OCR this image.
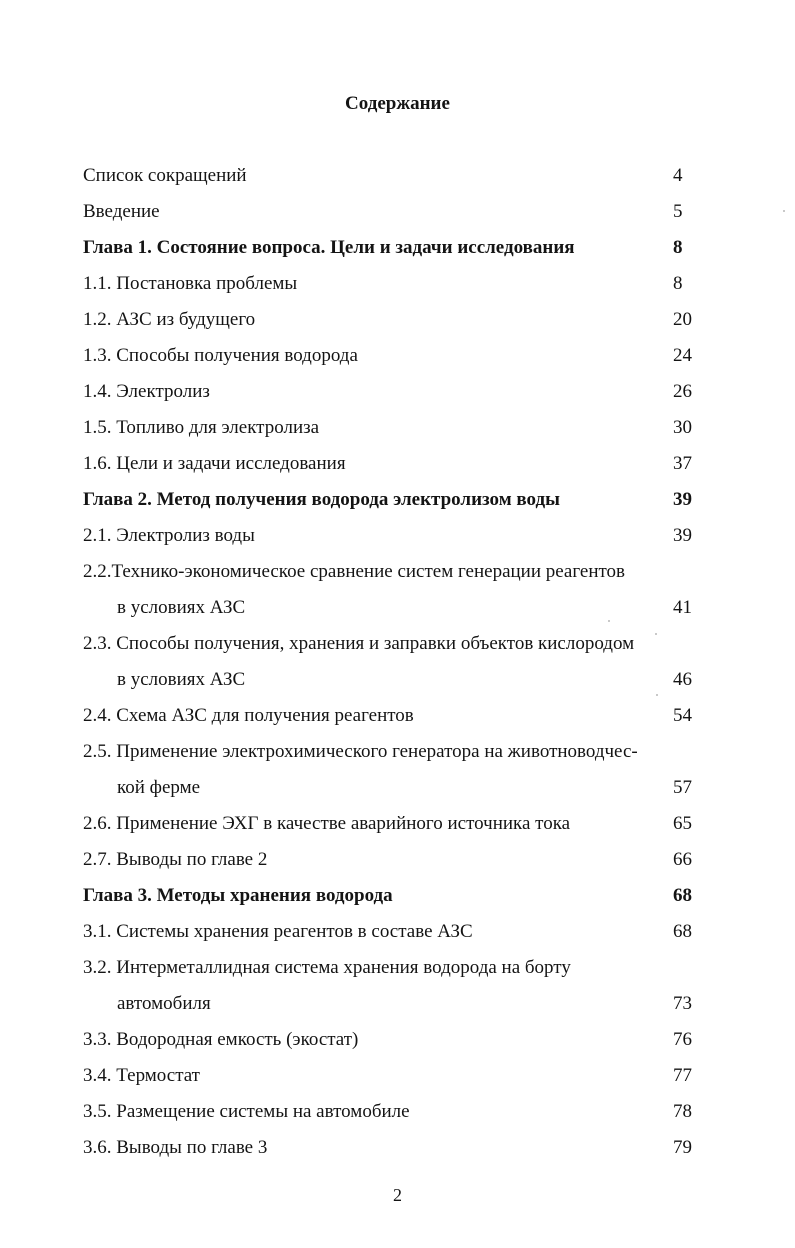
Содержание
Список сокращений	4
Введение	5
Глава 1. Состояние вопроса. Цели и задачи исследования	8
1.1. Постановка проблемы	8
1.2. АЗС из будущего	20
1.3. Способы получения водорода	24
1.4. Электролиз	26
1.5. Топливо для электролиза	30
1.6. Цели и задачи исследования	37
Глава 2. Метод получения водорода электролизом воды	39
2.1. Электролиз воды	39
2.2.Технико-экономическое сравнение систем генерации реагентов
в условиях АЗС	41
2.3. Способы получения, хранения и заправки объектов кислородом
в условиях АЗС	46
2.4. Схема АЗС для получения реагентов	54
2.5. Применение электрохимического генератора на животноводчес-
кой ферме	57
2.6. Применение ЭХГ в качестве аварийного источника тока	65
2.7. Выводы по главе 2	66
Глава 3. Методы хранения водорода	68
3.1. Системы хранения реагентов в составе АЗС	68
3.2. Интерметаллидная система хранения водорода на борту
автомобиля	73
3.3. Водородная емкость (экостат)	76
3.4. Термостат	77
3.5. Размещение системы на автомобиле	78
3.6. Выводы по главе 3	79
2
